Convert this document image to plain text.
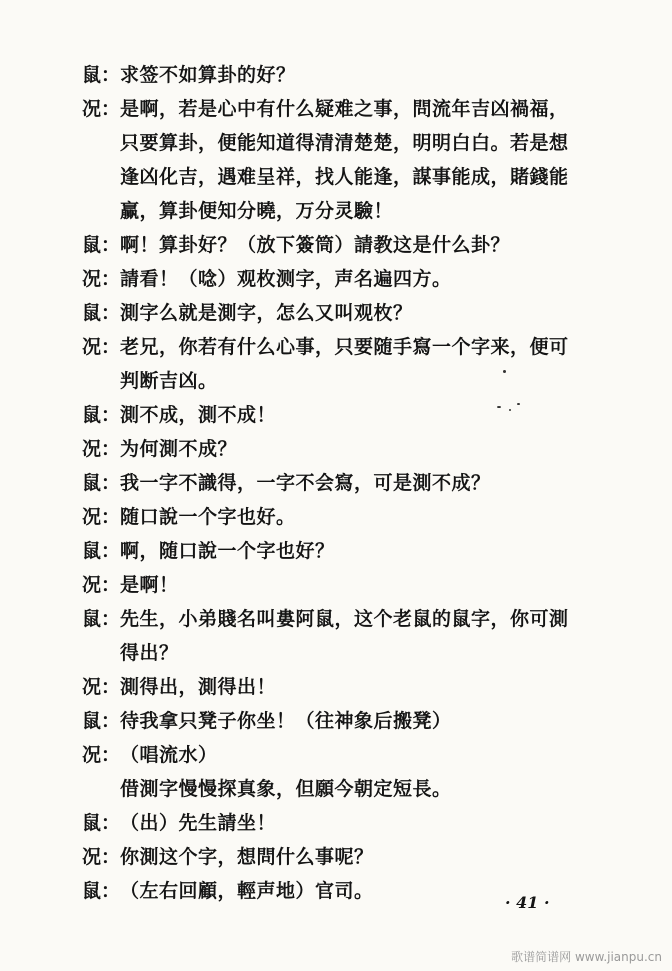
鼠： 求签不如算卦的好？
况： 是啊，若是心中有什么疑难之事，問流年吉凶禍福，
只要算卦，便能知道得清清楚楚，明明白白。若是想
逢凶化吉，遇难呈祥，找人能逢，謀事能成，賭錢能
赢，算卦便知分曉，万分灵驗！
鼠： 啊！算卦好？（放下簽筒）請教这是什么卦？
况： 請看！（唸）观枚测字，声名遍四方。
鼠： 測字么就是測字，怎么又叫观枚？
况： 老兄，你若有什么心事，只要随手寫一个字来，便可
判断吉凶。
鼠： 測不成，測不成！
况： 为何測不成？
鼠： 我一字不識得，一字不会寫，可是測不成？
况： 随口說一个字也好。
鼠： 啊，随口說一个字也好？
况： 是啊！
鼠： 先生，小弟賤名叫婁阿鼠，这个老鼠的鼠字，你可測
得出？
况： 測得出，測得出！
鼠： 待我拿只凳子你坐！（往神象后搬凳）
况： （唱流水）
借測字慢慢探真象，但願今朝定短長。
鼠： （出）先生請坐！
况： 你測这个字，想問什么事呢？
鼠： （左右回顧，輕声地）官司。
· 41 ·
歌谱简谱网 www.jianpu.cn
